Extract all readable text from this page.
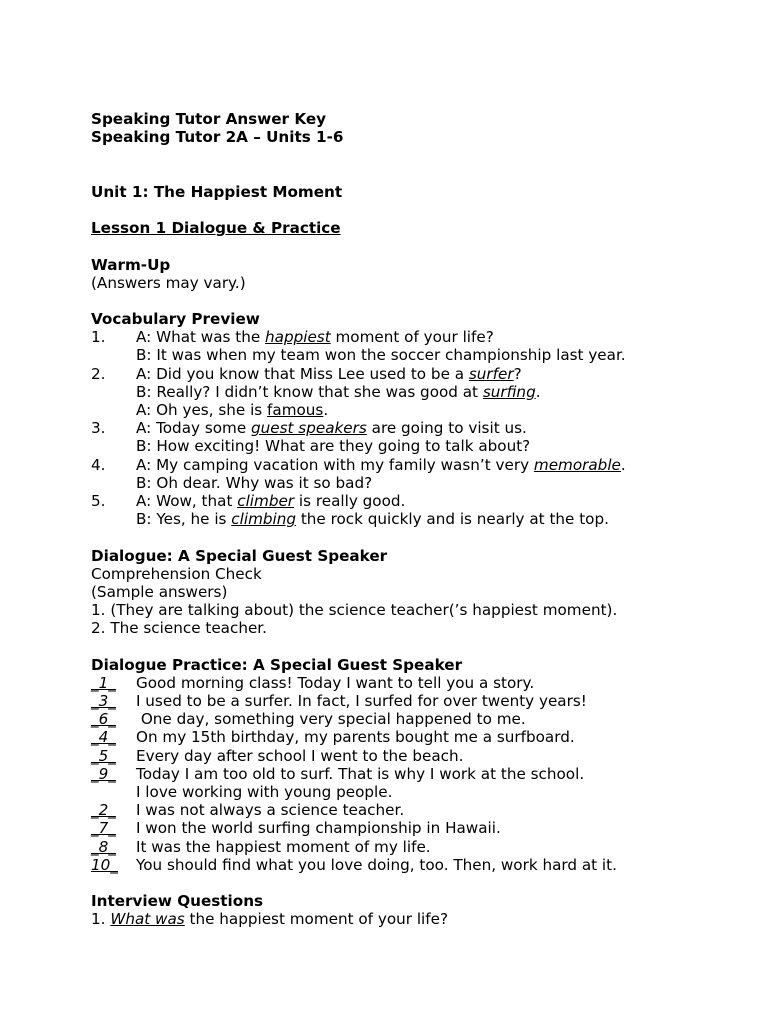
Speaking Tutor Answer Key
Speaking Tutor 2A – Units 1-6
Unit 1: The Happiest Moment
Lesson 1 Dialogue & Practice
Warm-Up
(Answers may vary.)
Vocabulary Preview
1. A: What was the happiest moment of your life?
B: It was when my team won the soccer championship last year.
2. A: Did you know that Miss Lee used to be a surfer?
B: Really? I didn’t know that she was good at surfing.
A: Oh yes, she is famous.
3. A: Today some guest speakers are going to visit us.
B: How exciting! What are they going to talk about?
4. A: My camping vacation with my family wasn’t very memorable.
B: Oh dear. Why was it so bad?
5. A: Wow, that climber is really good.
B: Yes, he is climbing the rock quickly and is nearly at the top.
Dialogue: A Special Guest Speaker
Comprehension Check
(Sample answers)
1. (They are talking about) the science teacher(’s happiest moment).
2. The science teacher.
Dialogue Practice: A Special Guest Speaker
_1_ Good morning class! Today I want to tell you a story.
_3_ I used to be a surfer. In fact, I surfed for over twenty years!
_6_ One day, something very special happened to me.
_4_ On my 15th birthday, my parents bought me a surfboard.
_5_ Every day after school I went to the beach.
_9_ Today I am too old to surf. That is why I work at the school.
I love working with young people.
_2_ I was not always a science teacher.
_7_ I won the world surfing championship in Hawaii.
_8_ It was the happiest moment of my life.
10_ You should find what you love doing, too. Then, work hard at it.
Interview Questions
1. What was the happiest moment of your life?
